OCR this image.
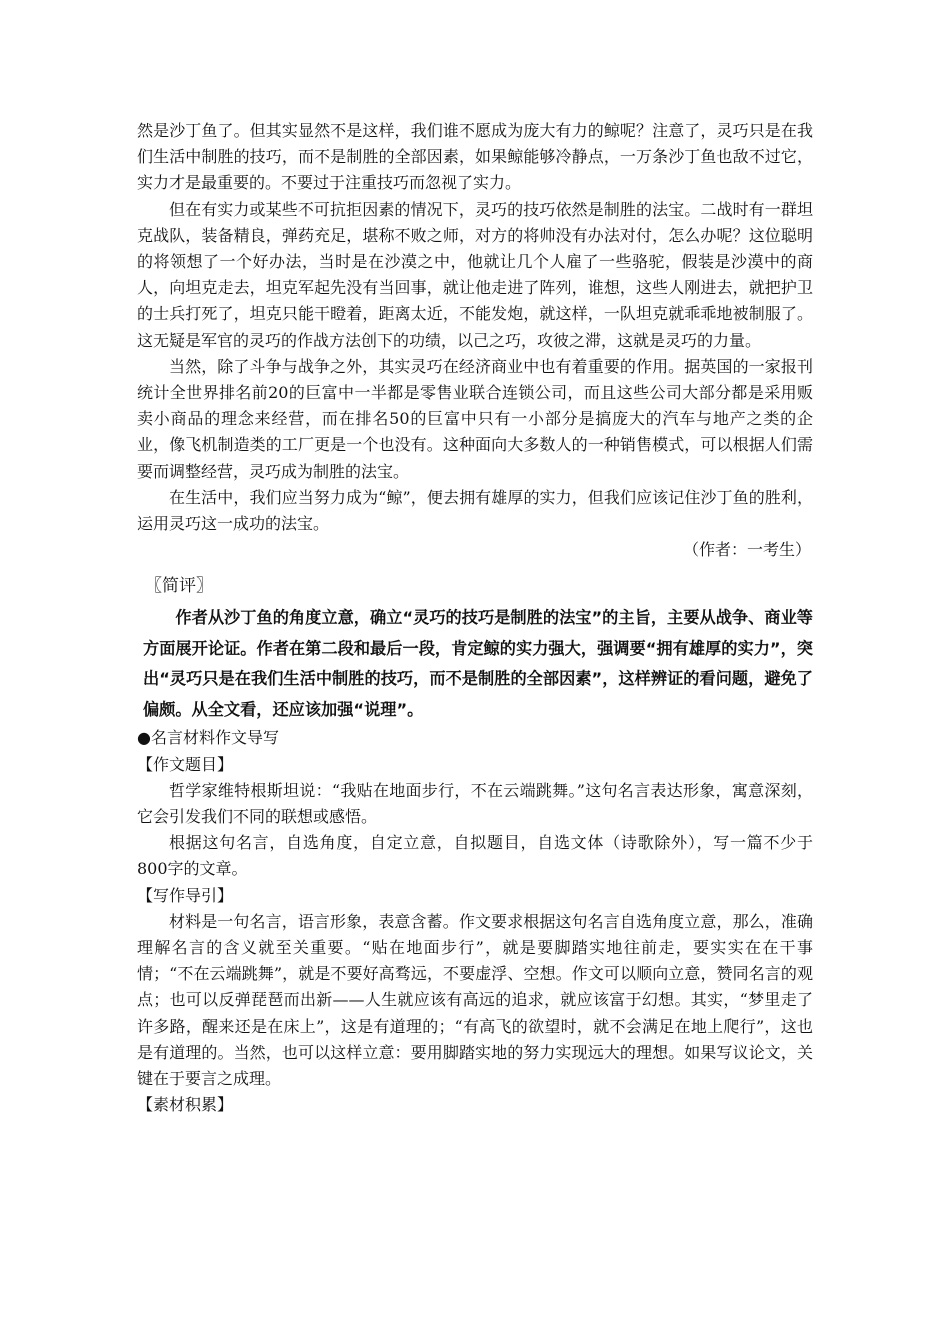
然是沙丁鱼了。但其实显然不是这样，我们谁不愿成为庞大有力的鲸呢？注意了，灵巧只是在我们生活中制胜的技巧，而不是制胜的全部因素，如果鲸能够冷静点，一万条沙丁鱼也敌不过它，实力才是最重要的。不要过于注重技巧而忽视了实力。

但在有实力或某些不可抗拒因素的情况下，灵巧的技巧依然是制胜的法宝。二战时有一群坦克战队，装备精良，弹药充足，堪称不败之师，对方的将帅没有办法对付，怎么办呢？这位聪明的将领想了一个好办法，当时是在沙漠之中，他就让几个人雇了一些骆驼，假装是沙漠中的商人，向坦克走去，坦克军起先没有当回事，就让他走进了阵列，谁想，这些人刚进去，就把护卫的士兵打死了，坦克只能干瞪着，距离太近，不能发炮，就这样，一队坦克就乖乖地被制服了。这无疑是军官的灵巧的作战方法创下的功绩，以己之巧，攻彼之滞，这就是灵巧的力量。

当然，除了斗争与战争之外，其实灵巧在经济商业中也有着重要的作用。据英国的一家报刊统计全世界排名前20的巨富中一半都是零售业联合连锁公司，而且这些公司大部分都是采用贩卖小商品的理念来经营，而在排名50的巨富中只有一小部分是搞庞大的汽车与地产之类的企业，像飞机制造类的工厂更是一个也没有。这种面向大多数人的一种销售模式，可以根据人们需要而调整经营，灵巧成为制胜的法宝。

在生活中，我们应当努力成为“鲸”，便去拥有雄厚的实力，但我们应该记住沙丁鱼的胜利，运用灵巧这一成功的法宝。

（作者：一考生）

〖简评〗

作者从沙丁鱼的角度立意，确立“灵巧的技巧是制胜的法宝”的主旨，主要从战争、商业等方面展开论证。作者在第二段和最后一段，肯定鲸的实力强大，强调要“拥有雄厚的实力”，突出“灵巧只是在我们生活中制胜的技巧，而不是制胜的全部因素”，这样辨证的看问题，避免了偏颇。从全文看，还应该加强“说理”。

●名言材料作文导写

【作文题目】

哲学家维特根斯坦说：“我贴在地面步行，不在云端跳舞。”这句名言表达形象，寓意深刻，它会引发我们不同的联想或感悟。

根据这句名言，自选角度，自定立意，自拟题目，自选文体（诗歌除外），写一篇不少于800字的文章。

【写作导引】

材料是一句名言，语言形象，表意含蓄。作文要求根据这句名言自选角度立意，那么，准确理解名言的含义就至关重要。“贴在地面步行”，就是要脚踏实地往前走，要实实在在干事情；“不在云端跳舞”，就是不要好高骛远，不要虚浮、空想。作文可以顺向立意，赞同名言的观点；也可以反弹琵琶而出新——人生就应该有高远的追求，就应该富于幻想。其实，“梦里走了许多路，醒来还是在床上”，这是有道理的；“有高飞的欲望时，就不会满足在地上爬行”，这也是有道理的。当然，也可以这样立意：要用脚踏实地的努力实现远大的理想。如果写议论文，关键在于要言之成理。

【素材积累】
